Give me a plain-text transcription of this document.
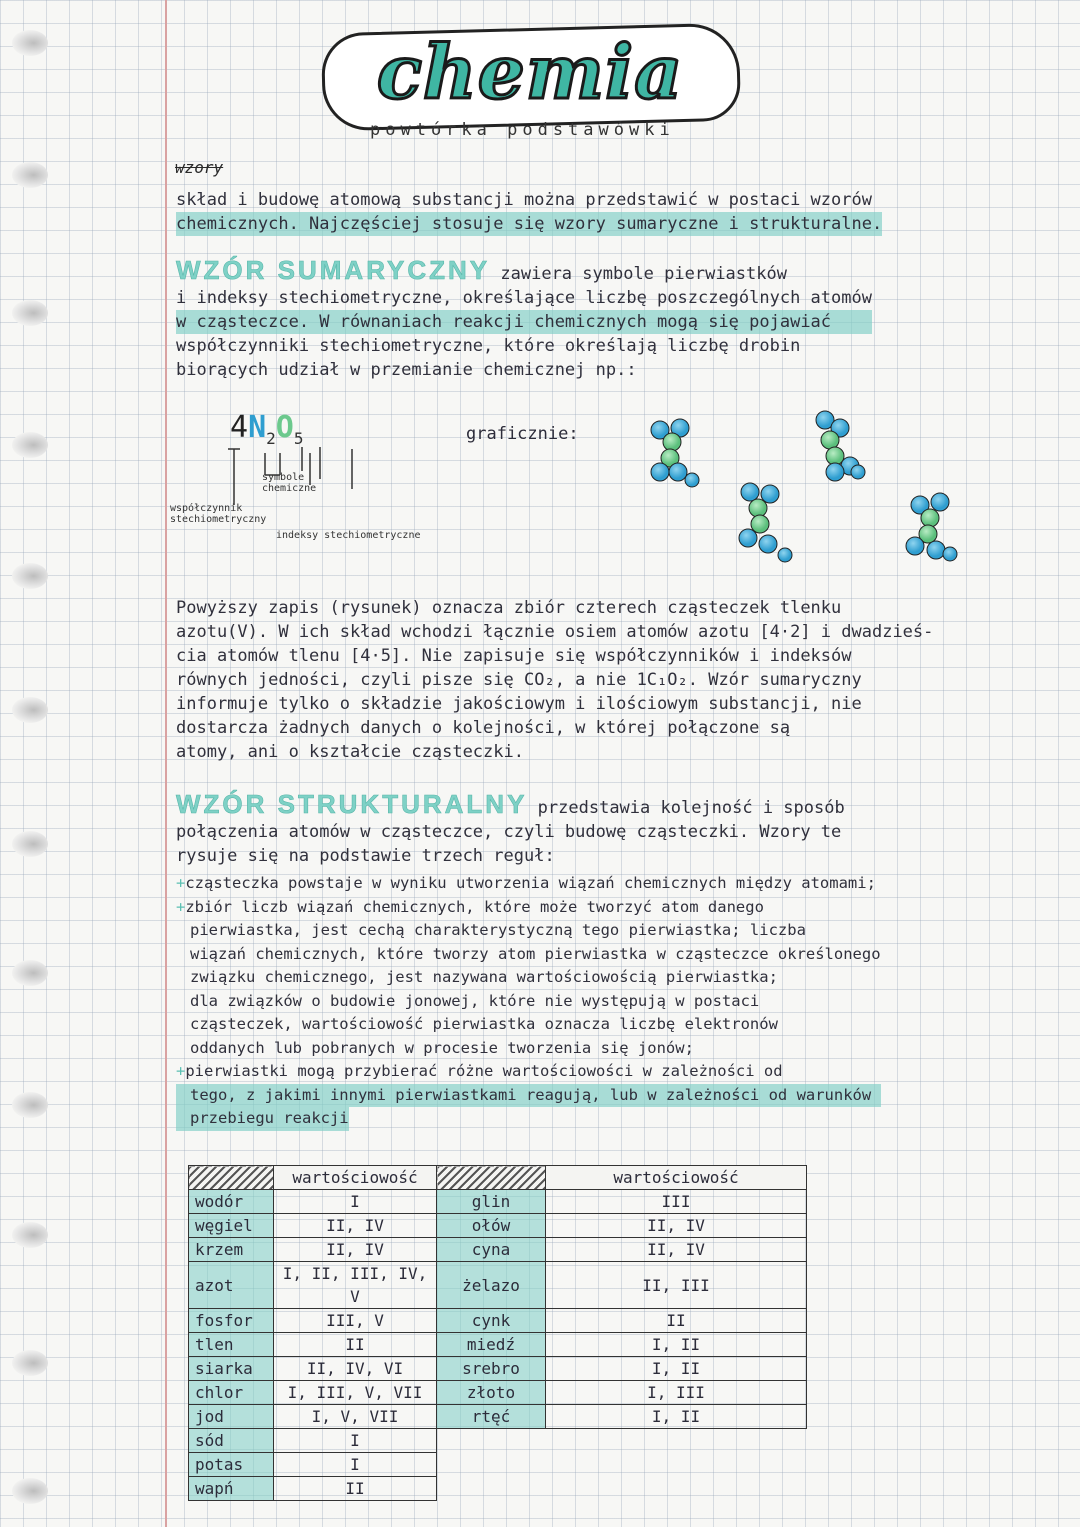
chemia
powtórka podstawówki
wzory
skład i budowę atomową substancji można przedstawić w postaci wzorów
chemicznych. Najczęściej stosuje się wzory sumaryczne i strukturalne.
WZÓR SUMARYCZNY zawiera symbole pierwiastków
i indeksy stechiometryczne, określające liczbę poszczególnych atomów
w cząsteczce. W równaniach reakcji chemicznych mogą się pojawiać
współczynniki stechiometryczne, które określają liczbę drobin
biorących udział w przemianie chemicznej np.:
$4N_2O_5$
symbole chemiczne
współczynnik stechiometryczny
indeksy stechiometryczne
graficznie:
Powyższy zapis (rysunek) oznacza zbiór czterech cząsteczek tlenku
azotu(V). W ich skład wchodzi łącznie osiem atomów azotu [4·2] i dwadzieś-
cia atomów tlenu [4·5]. Nie zapisuje się współczynników i indeksów
równych jedności, czyli pisze się CO₂, a nie 1C₁O₂. Wzór sumaryczny
informuje tylko o składzie jakościowym i ilościowym substancji, nie
dostarcza żadnych danych o kolejności, w której połączone są
atomy, ani o kształcie cząsteczki.
WZÓR STRUKTURALNY przedstawia kolejność i sposób
połączenia atomów w cząsteczce, czyli budowę cząsteczki. Wzory te
rysuje się na podstawie trzech reguł:
+cząsteczka powstaje w wyniku utworzenia wiązań chemicznych między atomami;
+zbiór liczb wiązań chemicznych, które może tworzyć atom danego
pierwiastka, jest cechą charakterystyczną tego pierwiastka; liczba
wiązań chemicznych, które tworzy atom pierwiastka w cząsteczce określonego
związku chemicznego, jest nazywana wartościowością pierwiastka;
dla związków o budowie jonowej, które nie występują w postaci
cząsteczek, wartościowość pierwiastka oznacza liczbę elektronów
oddanych lub pobranych w procesie tworzenia się jonów;
+pierwiastki mogą przybierać różne wartościowości w zależności od
tego, z jakimi innymi pierwiastkami reagują, lub w zależności od warunków
przebiegu reakcji
	wartościowość		wartościowość
wodór	I	glin	III
węgiel	II, IV	ołów	II, IV
krzem	II, IV	cyna	II, IV
azot	I, II, III, IV, V	żelazo	II, III
fosfor	III, V	cynk	II
tlen	II	miedź	I, II
siarka	II, IV, VI	srebro	I, II
chlor	I, III, V, VII	złoto	I, III
jod	I, V, VII	rtęć	I, II
sód	I		
potas	I		
wapń	II		
